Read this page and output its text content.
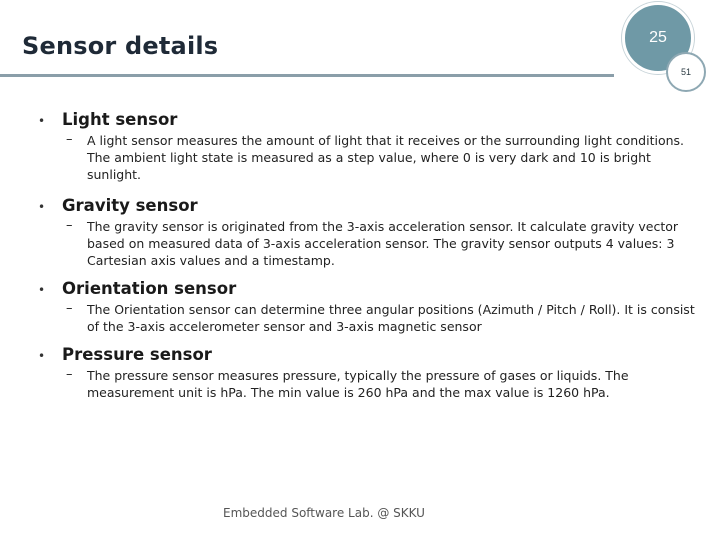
Sensor details	25
51
•	Light sensor
–	A light sensor measures the amount of light that it receives or the surrounding light conditions. The ambient light state is measured as a step value, where 0 is very dark and 10 is bright sunlight.
•	Gravity sensor
–	The gravity sensor is originated from the 3-axis acceleration sensor. It calculate gravity vector based on measured data of 3-axis acceleration sensor. The gravity sensor outputs 4 values: 3 Cartesian axis values and a timestamp.
•	Orientation sensor
–	The Orientation sensor can determine three angular positions (Azimuth / Pitch / Roll). It is consist of the 3-axis accelerometer sensor and 3-axis magnetic sensor
•	Pressure sensor
–	The pressure sensor measures pressure, typically the pressure of gases or liquids. The measurement unit is hPa. The min value is 260 hPa and the max value is 1260 hPa.
Embedded Software Lab. @ SKKU
